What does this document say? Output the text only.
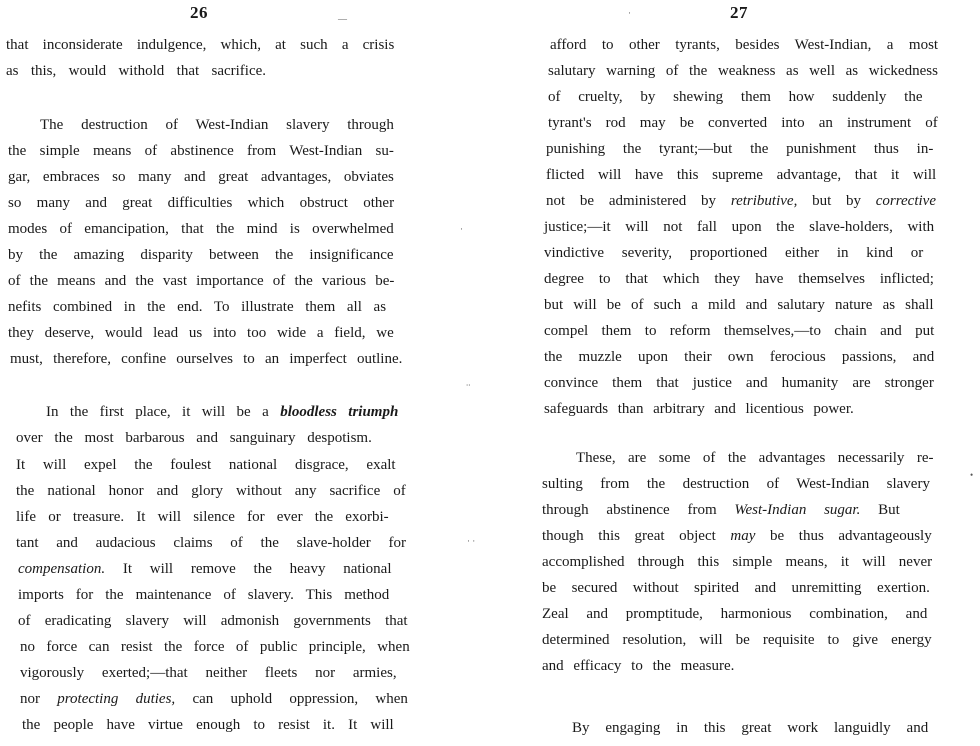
26
that inconsiderate indulgence, which, at such a crisis
as this, would withold that sacrifice.
The destruction of West-Indian slavery through
the simple means of abstinence from West-Indian su-
gar, embraces so many and great advantages, obviates
so many and great difficulties which obstruct other
modes of emancipation, that the mind is overwhelmed
by the amazing disparity between the insignificance
of the means and the vast importance of the various be-
nefits combined in the end. To illustrate them all as
they deserve, would lead us into too wide a field, we
must, therefore, confine ourselves to an imperfect outline.
In the first place, it will be a bloodless triumph
over the most barbarous and sanguinary despotism.
It will expel the foulest national disgrace, exalt
the national honor and glory without any sacrifice of
life or treasure. It will silence for ever the exorbi-
tant and audacious claims of the slave-holder for
compensation. It will remove the heavy national
imports for the maintenance of slavery. This method
of eradicating slavery will admonish governments that
no force can resist the force of public principle, when
vigorously exerted;—that neither fleets nor armies,
nor protecting duties, can uphold oppression, when
the people have virtue enough to resist it. It will
27
afford to other tyrants, besides West-Indian, a most
salutary warning of the weakness as well as wickedness
of cruelty, by shewing them how suddenly the
tyrant's rod may be converted into an instrument of
punishing the tyrant;—but the punishment thus in-
flicted will have this supreme advantage, that it will
not be administered by retributive, but by corrective
justice;—it will not fall upon the slave-holders, with
vindictive severity, proportioned either in kind or
degree to that which they have themselves inflicted;
but will be of such a mild and salutary nature as shall
compel them to reform themselves,—to chain and put
the muzzle upon their own ferocious passions, and
convince them that justice and humanity are stronger
safeguards than arbitrary and licentious power.
These, are some of the advantages necessarily re-
sulting from the destruction of West-Indian slavery
through abstinence from West-Indian sugar. But
though this great object may be thus advantageously
accomplished through this simple means, it will never
be secured without spirited and unremitting exertion.
Zeal and promptitude, harmonious combination, and
determined resolution, will be requisite to give energy
and efficacy to the measure.
By engaging in this great work languidly and
―
·
·
∙∙
· ·
•
